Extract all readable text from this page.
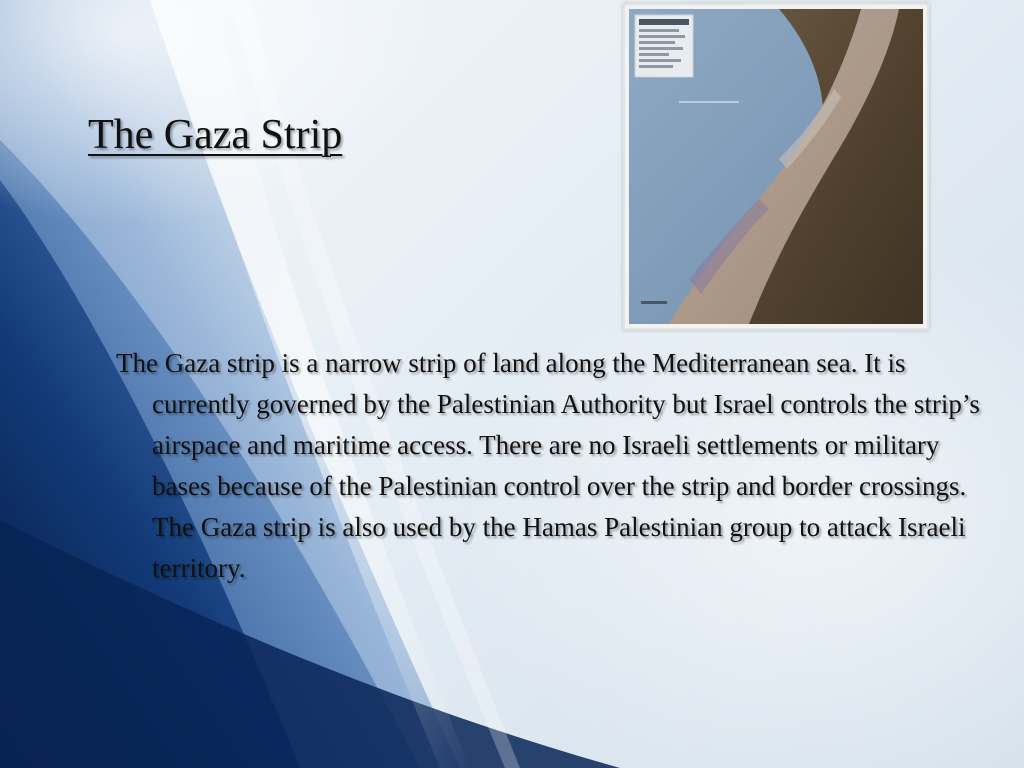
The Gaza Strip

The Gaza strip is a narrow strip of land along the Mediterranean sea. It is currently governed by the Palestinian Authority but Israel controls the strip’s airspace and maritime access. There are no Israeli settlements or military bases because of the Palestinian control over the strip and border crossings. The Gaza strip is also used by the Hamas Palestinian group to attack Israeli territory.
